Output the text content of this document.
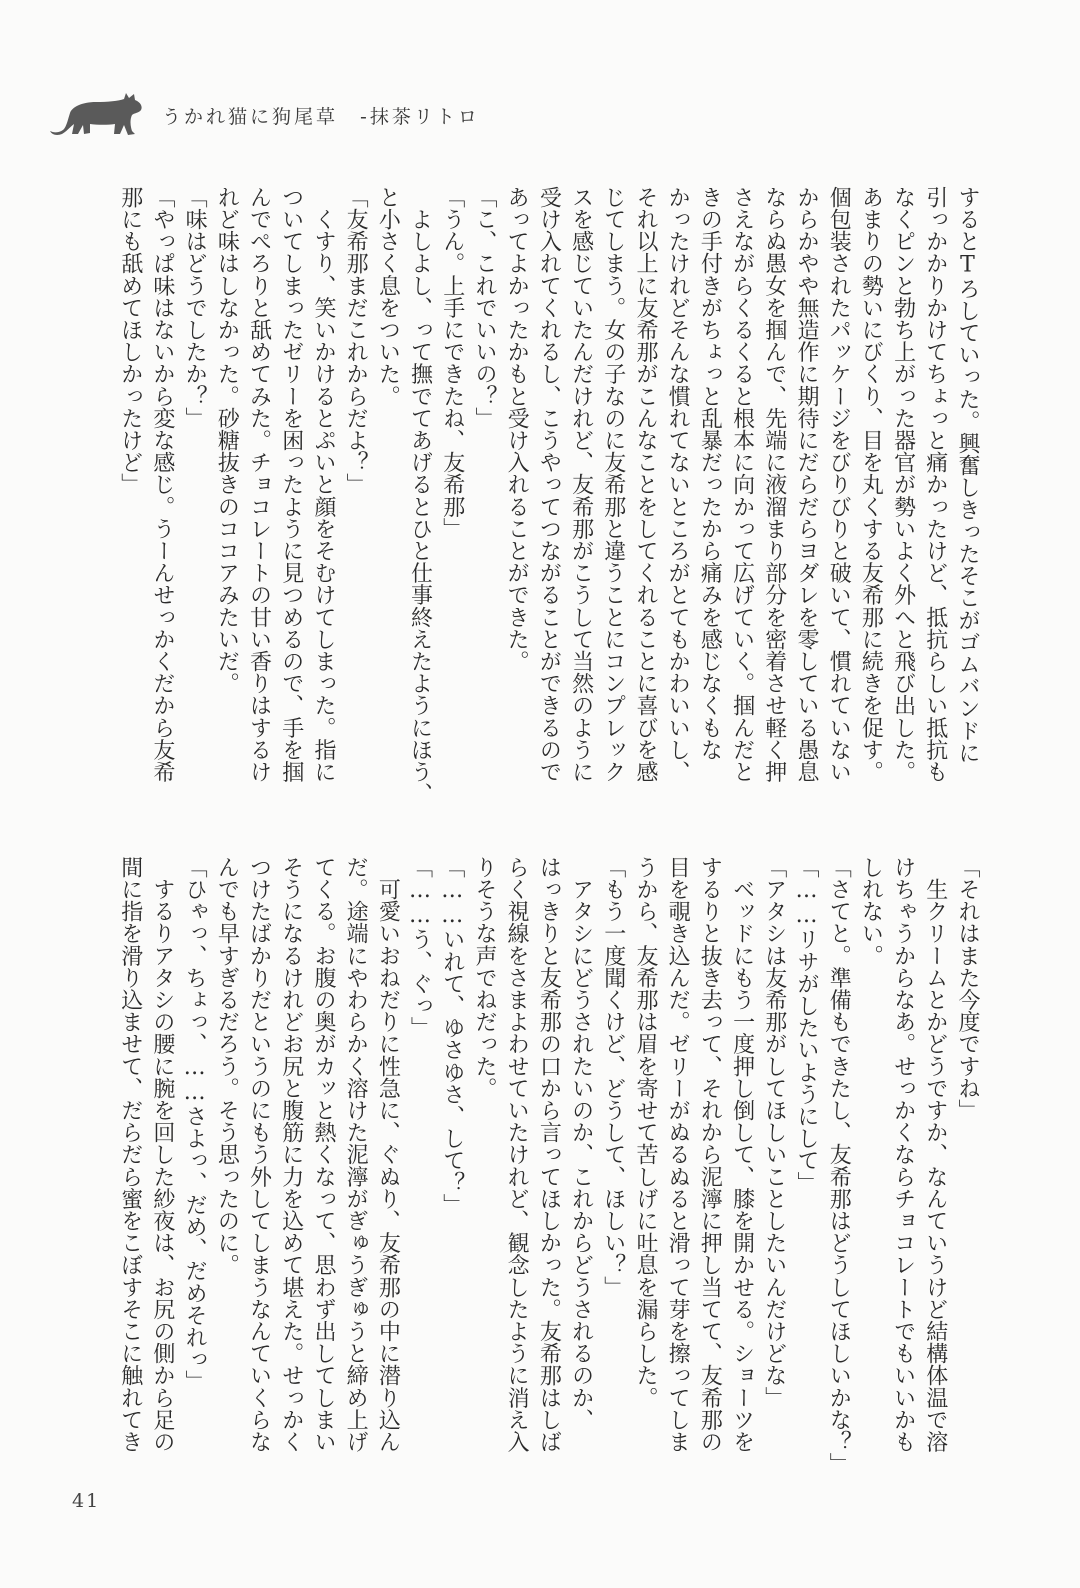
うかれ猫に狗尾草　-抹茶リトロ

するとTろしていった。興奮しきったそこがゴムバンドに

引っかかりかけてちょっと痛かったけど、抵抗らしい抵抗も

なくピンと勃ち上がった器官が勢いよく外へと飛び出した。

あまりの勢いにびくり、目を丸くする友希那に続きを促す。

個包装されたパッケージをびりびりと破いて、慣れていない

からかやや無造作に期待にだらだらヨダレを零している愚息

ならぬ愚女を掴んで、先端に液溜まり部分を密着させ軽く押

さえながらくるくると根本に向かって広げていく。掴んだと

きの手付きがちょっと乱暴だったから痛みを感じなくもな

かったけれどそんな慣れてないところがとてもかわいいし、

それ以上に友希那がこんなことをしてくれることに喜びを感

じてしまう。女の子なのに友希那と違うことにコンプレック

スを感じていたんだけれど、友希那がこうして当然のように

受け入れてくれるし、こうやってつながることができるので

あってよかったかもと受け入れることができた。

「こ、これでいいの？」

「うん。上手にできたね、友希那」

　よしよし、って撫でてあげるとひと仕事終えたようにほう、

と小さく息をついた。

「友希那まだこれからだよ？」

　くすり、笑いかけるとぷいと顔をそむけてしまった。指に

ついてしまったゼリーを困ったように見つめるので、手を掴

んでぺろりと舐めてみた。チョコレートの甘い香りはするけ

れど味はしなかった。砂糖抜きのココアみたいだ。

「味はどうでしたか？」

「やっぱ味はないから変な感じ。うーんせっかくだから友希

那にも舐めてほしかったけど」

「それはまた今度ですね」

　生クリームとかどうですか、なんていうけど結構体温で溶

けちゃうからなあ。せっかくならチョコレートでもいいかも

しれない。

「さてと。準備もできたし、友希那はどうしてほしいかな？」

「……リサがしたいようにして」

「アタシは友希那がしてほしいことしたいんだけどな」

　ベッドにもう一度押し倒して、膝を開かせる。ショーツを

するりと抜き去って、それから泥濘に押し当てて、友希那の

目を覗き込んだ。ゼリーがぬるぬると滑って芽を擦ってしま

うから、友希那は眉を寄せて苦しげに吐息を漏らした。

「もう一度聞くけど、どうして、ほしい？」

　アタシにどうされたいのか、これからどうされるのか、

はっきりと友希那の口から言ってほしかった。友希那はしば

らく視線をさまよわせていたけれど、観念したように消え入

りそうな声でねだった。

「……いれて、ゆさゆさ、して？」

「……う、ぐっ」

　可愛いおねだりに性急に、ぐぬり、友希那の中に潜り込ん

だ。途端にやわらかく溶けた泥濘がぎゅうぎゅうと締め上げ

てくる。お腹の奥がカッと熱くなって、思わず出してしまい

そうになるけれどお尻と腹筋に力を込めて堪えた。せっかく

つけたばかりだというのにもう外してしまうなんていくらな

んでも早すぎるだろう。そう思ったのに。

「ひゃっ、ちょっ、……さよっ、だめ、だめそれっ」

　するりアタシの腰に腕を回した紗夜は、お尻の側から足の

間に指を滑り込ませて、だらだら蜜をこぼすそこに触れてき

41
